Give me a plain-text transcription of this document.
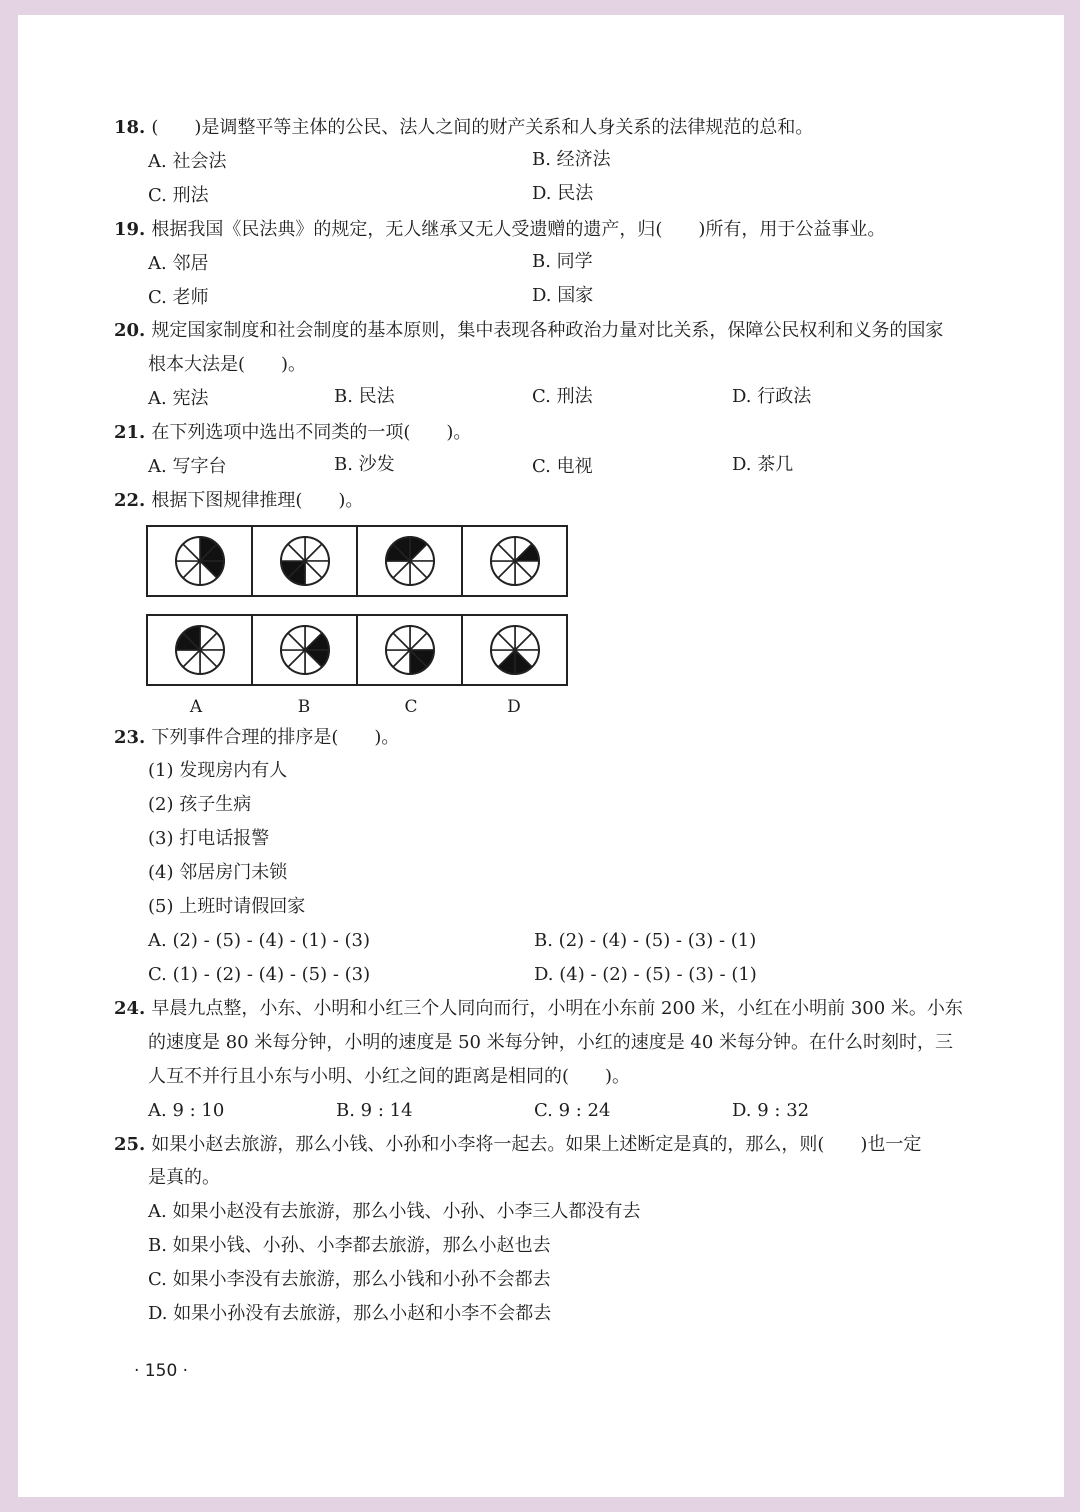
18. (　　)是调整平等主体的公民、法人之间的财产关系和人身关系的法律规范的总和。
A. 社会法	B. 经济法
C. 刑法	D. 民法
19. 根据我国《民法典》的规定，无人继承又无人受遗赠的遗产，归(　　)所有，用于公益事业。
A. 邻居	B. 同学
C. 老师	D. 国家
20. 规定国家制度和社会制度的基本原则，集中表现各种政治力量对比关系，保障公民权利和义务的国家
根本大法是(　　)。
A. 宪法	B. 民法	C. 刑法	D. 行政法
21. 在下列选项中选出不同类的一项(　　)。
A. 写字台	B. 沙发	C. 电视	D. 茶几
22. 根据下图规律推理(　　)。
A	B	C	D
23. 下列事件合理的排序是(　　)。
(1) 发现房内有人
(2) 孩子生病
(3) 打电话报警
(4) 邻居房门未锁
(5) 上班时请假回家
A. (2) - (5) - (4) - (1) - (3)	B. (2) - (4) - (5) - (3) - (1)
C. (1) - (2) - (4) - (5) - (3)	D. (4) - (2) - (5) - (3) - (1)
24. 早晨九点整，小东、小明和小红三个人同向而行，小明在小东前 200 米，小红在小明前 300 米。小东
的速度是 80 米每分钟，小明的速度是 50 米每分钟，小红的速度是 40 米每分钟。在什么时刻时，三
人互不并行且小东与小明、小红之间的距离是相同的(　　)。
A. 9 : 10	B. 9 : 14	C. 9 : 24	D. 9 : 32
25. 如果小赵去旅游，那么小钱、小孙和小李将一起去。如果上述断定是真的，那么，则(　　)也一定
是真的。
A. 如果小赵没有去旅游，那么小钱、小孙、小李三人都没有去
B. 如果小钱、小孙、小李都去旅游，那么小赵也去
C. 如果小李没有去旅游，那么小钱和小孙不会都去
D. 如果小孙没有去旅游，那么小赵和小李不会都去
· 150 ·
